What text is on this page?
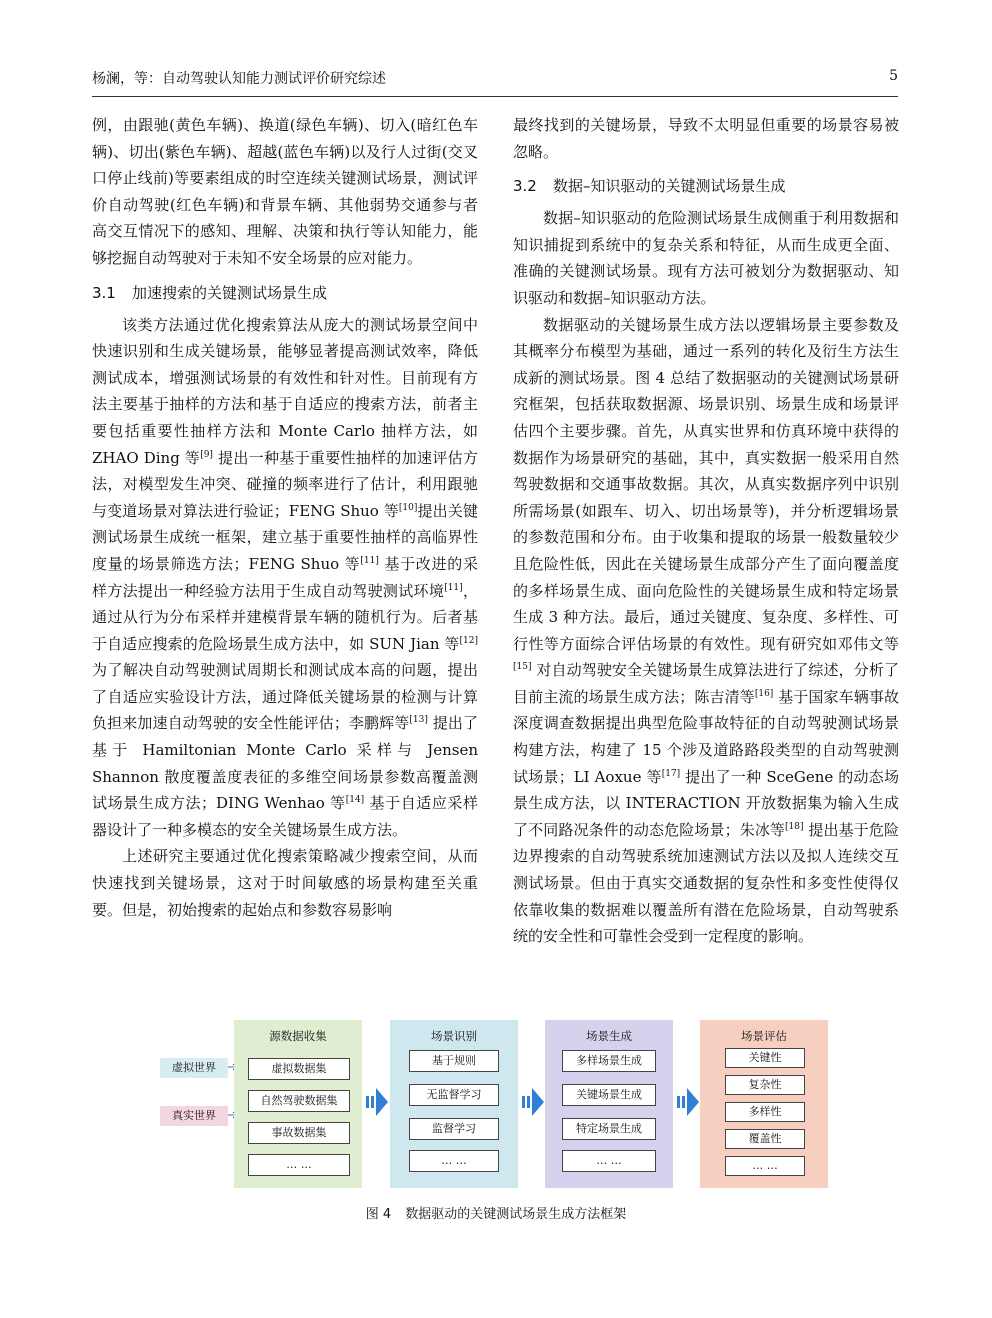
杨澜，等：自动驾驶认知能力测试评价研究综述	5

例，由跟驰(黄色车辆)、换道(绿色车辆)、切入(暗红色车辆)、切出(紫色车辆)、超越(蓝色车辆)以及行人过街(交叉口停止线前)等要素组成的时空连续关键测试场景，测试评价自动驾驶(红色车辆)和背景车辆、其他弱势交通参与者高交互情况下的感知、理解、决策和执行等认知能力，能够挖掘自动驾驶对于未知不安全场景的应对能力。

3.1 加速搜索的关键测试场景生成

该类方法通过优化搜索算法从庞大的测试场景空间中快速识别和生成关键场景，能够显著提高测试效率，降低测试成本，增强测试场景的有效性和针对性。目前现有方法主要基于抽样的方法和基于自适应的搜索方法，前者主要包括重要性抽样方法和 Monte Carlo 抽样方法，如 ZHAO Ding 等[9] 提出一种基于重要性抽样的加速评估方法，对模型发生冲突、碰撞的频率进行了估计，利用跟驰与变道场景对算法进行验证；FENG Shuo 等[10]提出关键测试场景生成统一框架，建立基于重要性抽样的高临界性度量的场景筛选方法；FENG Shuo 等[11] 基于改进的采样方法提出一种经验方法用于生成自动驾驶测试环境[11]，通过从行为分布采样并建模背景车辆的随机行为。后者基于自适应搜索的危险场景生成方法中，如 SUN Jian 等[12] 为了解决自动驾驶测试周期长和测试成本高的问题，提出了自适应实验设计方法，通过降低关键场景的检测与计算负担来加速自动驾驶的安全性能评估；李鹏辉等[13] 提出了基于 Hamiltonian Monte Carlo 采样与 Jensen Shannon 散度覆盖度表征的多维空间场景参数高覆盖测试场景生成方法；DING Wenhao 等[14] 基于自适应采样器设计了一种多模态的安全关键场景生成方法。

上述研究主要通过优化搜索策略减少搜索空间，从而快速找到关键场景，这对于时间敏感的场景构建至关重要。但是，初始搜索的起始点和参数容易影响

最终找到的关键场景，导致不太明显但重要的场景容易被忽略。

3.2 数据–知识驱动的关键测试场景生成

数据–知识驱动的危险测试场景生成侧重于利用数据和知识捕捉到系统中的复杂关系和特征，从而生成更全面、准确的关键测试场景。现有方法可被划分为数据驱动、知识驱动和数据–知识驱动方法。

数据驱动的关键场景生成方法以逻辑场景主要参数及其概率分布模型为基础，通过一系列的转化及衍生方法生成新的测试场景。图 4 总结了数据驱动的关键测试场景研究框架，包括获取数据源、场景识别、场景生成和场景评估四个主要步骤。首先，从真实世界和仿真环境中获得的数据作为场景研究的基础，其中，真实数据一般采用自然驾驶数据和交通事故数据。其次，从真实数据序列中识别所需场景(如跟车、切入、切出场景等)，并分析逻辑场景的参数范围和分布。由于收集和提取的场景一般数量较少且危险性低，因此在关键场景生成部分产生了面向覆盖度的多样场景生成、面向危险性的关键场景生成和特定场景生成 3 种方法。最后，通过关键度、复杂度、多样性、可行性等方面综合评估场景的有效性。现有研究如邓伟文等[15] 对自动驾驶安全关键场景生成算法进行了综述，分析了目前主流的场景生成方法；陈吉清等[16] 基于国家车辆事故深度调查数据提出典型危险事故特征的自动驾驶测试场景构建方法，构建了 15 个涉及道路路段类型的自动驾驶测试场景；LI Aoxue 等[17] 提出了一种 SceGene 的动态场景生成方法，以 INTERACTION 开放数据集为输入生成了不同路况条件的动态危险场景；朱冰等[18] 提出基于危险边界搜索的自动驾驶系统加速测试方法以及拟人连续交互测试场景。但由于真实交通数据的复杂性和多变性使得仅依靠收集的数据难以覆盖所有潜在危险场景，自动驾驶系统的安全性和可靠性会受到一定程度的影响。

虚拟世界
真实世界
源数据收集
虚拟数据集
自然驾驶数据集
事故数据集
… …
场景识别
基于规则
无监督学习
监督学习
… …
场景生成
多样场景生成
关键场景生成
特定场景生成
… …
场景评估
关键性
复杂性
多样性
覆盖性
… …
图 4 数据驱动的关键测试场景生成方法框架
